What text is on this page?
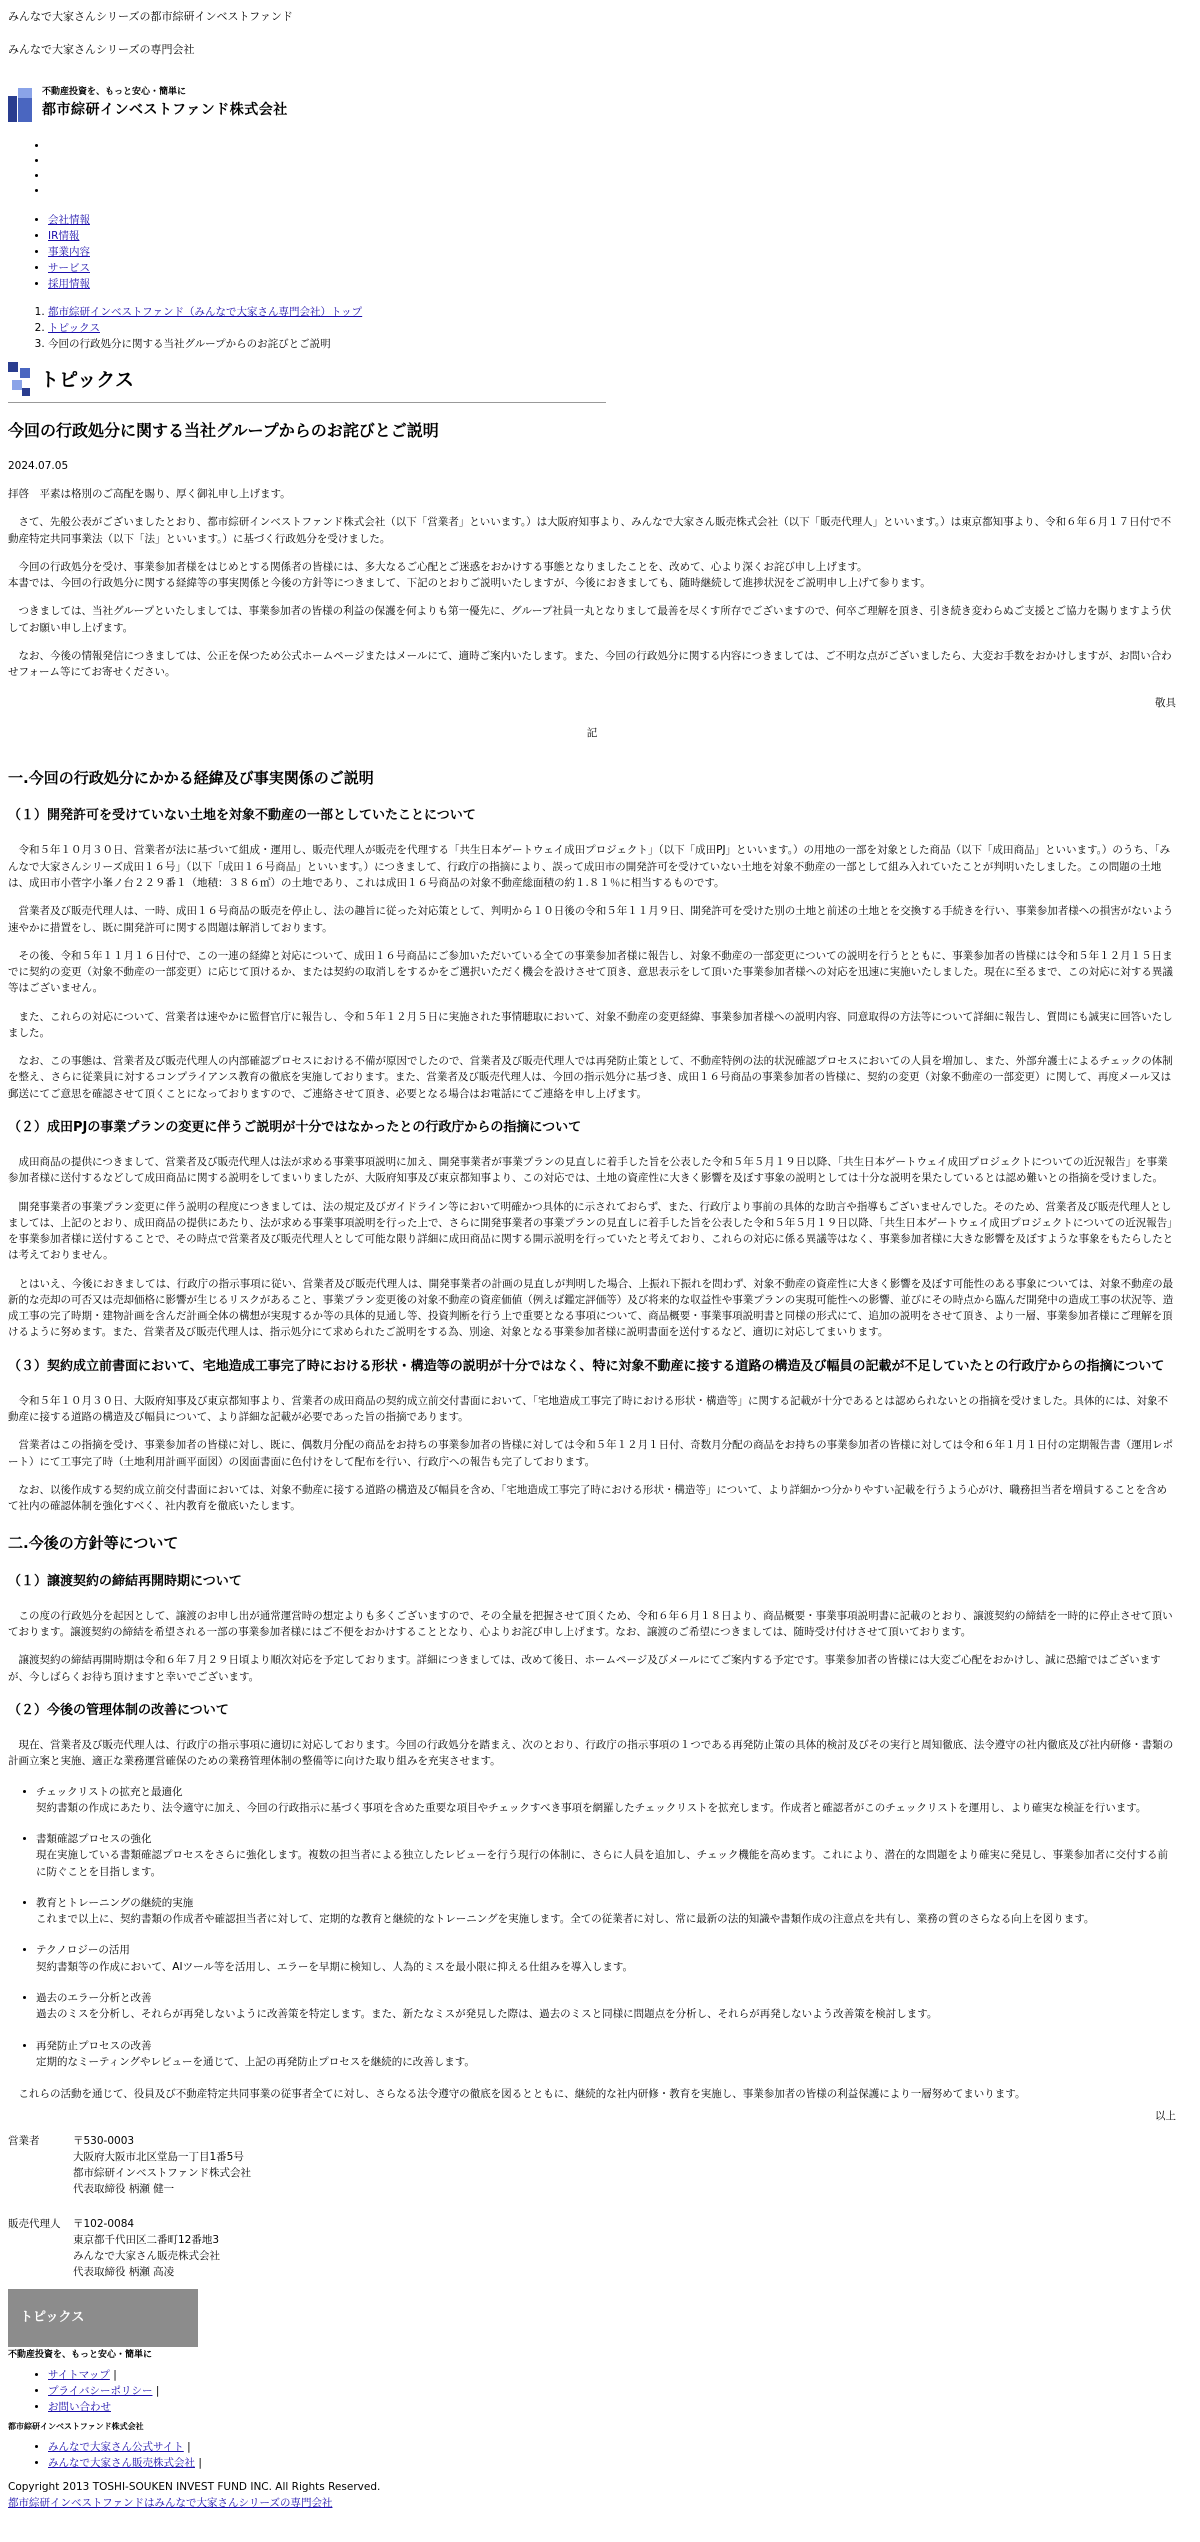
みんなで大家さんシリーズの都市綜研インベストファンド
みんなで大家さんシリーズの専門会社
不動産投資を、もっと安心・簡単に
都市綜研インベストファンド株式会社
•
•
•
•
• 会社情報
• IR情報
• 事業内容
• サービス
• 採用情報
1. 都市綜研インベストファンド（みんなで大家さん専門会社）トップ
2. トピックス
3. 今回の行政処分に関する当社グループからのお詫びとご説明
トピックス
今回の行政処分に関する当社グループからのお詫びとご説明
2024.07.05

拝啓　平素は格別のご高配を賜り、厚く御礼申し上げます。

さて、先般公表がございましたとおり、都市綜研インベストファンド株式会社（以下「営業者」といいます。）は大阪府知事より、みんなで大家さん販売株式会社（以下「販売代理人」といいます。）は東京都知事より、令和６年６月１７日付で不動産特定共同事業法（以下「法」といいます。）に基づく行政処分を受けました。

今回の行政処分を受け、事業参加者様をはじめとする関係者の皆様には、多大なるご心配とご迷惑をおかけする事態となりましたことを、改めて、心より深くお詫び申し上げます。
本書では、今回の行政処分に関する経緯等の事実関係と今後の方針等につきまして、下記のとおりご説明いたしますが、今後におきましても、随時継続して進捗状況をご説明申し上げて参ります。

つきましては、当社グループといたしましては、事業参加者の皆様の利益の保護を何よりも第一優先に、グループ社員一丸となりまして最善を尽くす所存でございますので、何卒ご理解を頂き、引き続き変わらぬご支援とご協力を賜りますよう伏してお願い申し上げます。

なお、今後の情報発信につきましては、公正を保つため公式ホームページまたはメールにて、適時ご案内いたします。また、今回の行政処分に関する内容につきましては、ご不明な点がございましたら、大変お手数をおかけしますが、お問い合わせフォーム等にてお寄せください。

敬具
記
一.今回の行政処分にかかる経緯及び事実関係のご説明
（１）開発許可を受けていない土地を対象不動産の一部としていたことについて

令和５年１０月３０日、営業者が法に基づいて組成・運用し、販売代理人が販売を代理する「共生日本ゲートウェイ成田プロジェクト」（以下「成田PJ」といいます。）の用地の一部を対象とした商品（以下「成田商品」といいます。）のうち、「みんなで大家さんシリーズ成田１６号」（以下「成田１６号商品」といいます。）につきまして、行政庁の指摘により、誤って成田市の開発許可を受けていない土地を対象不動産の一部として組み入れていたことが判明いたしました。この問題の土地は、成田市小菅字小峯ノ台２２９番１（地積：３８６㎡）の土地であり、これは成田１６号商品の対象不動産総面積の約１.８１％に相当するものです。

営業者及び販売代理人は、一時、成田１６号商品の販売を停止し、法の趣旨に従った対応策として、判明から１０日後の令和５年１１月９日、開発許可を受けた別の土地と前述の土地とを交換する手続きを行い、事業参加者様への損害がないよう速やかに措置をし、既に開発許可に関する問題は解消しております。

その後、令和５年１１月１６日付で、この一連の経緯と対応について、成田１６号商品にご参加いただいている全ての事業参加者様に報告し、対象不動産の一部変更についての説明を行うとともに、事業参加者の皆様には令和５年１２月１５日までに契約の変更（対象不動産の一部変更）に応じて頂けるか、または契約の取消しをするかをご選択いただく機会を設けさせて頂き、意思表示をして頂いた事業参加者様への対応を迅速に実施いたしました。現在に至るまで、この対応に対する異議等はございません。

また、これらの対応について、営業者は速やかに監督官庁に報告し、令和５年１２月５日に実施された事情聴取において、対象不動産の変更経緯、事業参加者様への説明内容、同意取得の方法等について詳細に報告し、質問にも誠実に回答いたしました。

なお、この事態は、営業者及び販売代理人の内部確認プロセスにおける不備が原因でしたので、営業者及び販売代理人では再発防止策として、不動産特例の法的状況確認プロセスにおいての人員を増加し、また、外部弁護士によるチェックの体制を整え、さらに従業員に対するコンプライアンス教育の徹底を実施しております。また、営業者及び販売代理人は、今回の指示処分に基づき、成田１６号商品の事業参加者の皆様に、契約の変更（対象不動産の一部変更）に関して、再度メール又は郵送にてご意思を確認させて頂くことになっておりますので、ご連絡させて頂き、必要となる場合はお電話にてご連絡を申し上げます。

（２）成田PJの事業プランの変更に伴うご説明が十分ではなかったとの行政庁からの指摘について

成田商品の提供につきまして、営業者及び販売代理人は法が求める事業事項説明に加え、開発事業者が事業プランの見直しに着手した旨を公表した令和５年５月１９日以降、「共生日本ゲートウェイ成田プロジェクトについての近況報告」を事業参加者様に送付するなどして成田商品に関する説明をしてまいりましたが、大阪府知事及び東京都知事より、この対応では、土地の資産性に大きく影響を及ぼす事象の説明としては十分な説明を果たしているとは認め難いとの指摘を受けました。

開発事業者の事業プラン変更に伴う説明の程度につきましては、法の規定及びガイドライン等において明確かつ具体的に示されておらず、また、行政庁より事前の具体的な助言や指導もございませんでした。そのため、営業者及び販売代理人としましては、上記のとおり、成田商品の提供にあたり、法が求める事業事項説明を行った上で、さらに開発事業者の事業プランの見直しに着手した旨を公表した令和５年５月１９日以降、「共生日本ゲートウェイ成田プロジェクトについての近況報告」を事業参加者様に送付することで、その時点で営業者及び販売代理人として可能な限り詳細に成田商品に関する開示説明を行っていたと考えており、これらの対応に係る異議等はなく、事業参加者様に大きな影響を及ぼすような事象をもたらしたとは考えておりません。

とはいえ、今後におきましては、行政庁の指示事項に従い、営業者及び販売代理人は、開発事業者の計画の見直しが判明した場合、上振れ下振れを問わず、対象不動産の資産性に大きく影響を及ぼす可能性のある事象については、対象不動産の最新的な売却の可否又は売却価格に影響が生じるリスクがあること、事業プラン変更後の対象不動産の資産価値（例えば鑑定評価等）及び将来的な収益性や事業プランの実現可能性への影響、並びにその時点から臨んだ開発中の造成工事の状況等、造成工事の完了時期・建物計画を含んだ計画全体の構想が実現するか等の具体的見通し等、投資判断を行う上で重要となる事項について、商品概要・事業事項説明書と同様の形式にて、追加の説明をさせて頂き、より一層、事業参加者様にご理解を頂けるように努めます。また、営業者及び販売代理人は、指示処分にて求められたご説明をする為、別途、対象となる事業参加者様に説明書面を送付するなど、適切に対応してまいります。

（３）契約成立前書面において、宅地造成工事完了時における形状・構造等の説明が十分ではなく、特に対象不動産に接する道路の構造及び幅員の記載が不足していたとの行政庁からの指摘について

令和５年１０月３０日、大阪府知事及び東京都知事より、営業者の成田商品の契約成立前交付書面において、「宅地造成工事完了時における形状・構造等」に関する記載が十分であるとは認められないとの指摘を受けました。具体的には、対象不動産に接する道路の構造及び幅員について、より詳細な記載が必要であった旨の指摘であります。

営業者はこの指摘を受け、事業参加者の皆様に対し、既に、偶数月分配の商品をお持ちの事業参加者の皆様に対しては令和５年１２月１日付、奇数月分配の商品をお持ちの事業参加者の皆様に対しては令和６年１月１日付の定期報告書（運用レポート）にて工事完了時（土地利用計画平面図）の図面書面に色付けをして配布を行い、行政庁への報告も完了しております。

なお、以後作成する契約成立前交付書面においては、対象不動産に接する道路の構造及び幅員を含め、「宅地造成工事完了時における形状・構造等」について、より詳細かつ分かりやすい記載を行うよう心がけ、職務担当者を増員することを含めて社内の確認体制を強化すべく、社内教育を徹底いたします。

二.今後の方針等について
（１）譲渡契約の締結再開時期について

この度の行政処分を起因として、譲渡のお申し出が通常運営時の想定よりも多くございますので、その全量を把握させて頂くため、令和６年６月１８日より、商品概要・事業事項説明書に記載のとおり、譲渡契約の締結を一時的に停止させて頂いております。譲渡契約の締結を希望される一部の事業参加者様にはご不便をおかけすることとなり、心よりお詫び申し上げます。なお、譲渡のご希望につきましては、随時受け付けさせて頂いております。

譲渡契約の締結再開時期は令和６年７月２９日頃より順次対応を予定しております。詳細につきましては、改めて後日、ホームページ及びメールにてご案内する予定です。事業参加者の皆様には大変ご心配をおかけし、誠に恐縮ではございますが、今しばらくお待ち頂けますと幸いでございます。

（２）今後の管理体制の改善について

現在、営業者及び販売代理人は、行政庁の指示事項に適切に対応しております。今回の行政処分を踏まえ、次のとおり、行政庁の指示事項の１つである再発防止策の具体的検討及びその実行と周知徹底、法令遵守の社内徹底及び社内研修・書類の計画立案と実施、適正な業務運営確保のための業務管理体制の整備等に向けた取り組みを充実させます。

• チェックリストの拡充と最適化
契約書類の作成にあたり、法令適守に加え、今回の行政指示に基づく事項を含めた重要な項目やチェックすべき事項を網羅したチェックリストを拡充します。作成者と確認者がこのチェックリストを運用し、より確実な検証を行います。
• 書類確認プロセスの強化
現在実施している書類確認プロセスをさらに強化します。複数の担当者による独立したレビューを行う現行の体制に、さらに人員を追加し、チェック機能を高めます。これにより、潜在的な問題をより確実に発見し、事業参加者に交付する前に防ぐことを目指します。
• 教育とトレーニングの継続的実施
これまで以上に、契約書類の作成者や確認担当者に対して、定期的な教育と継続的なトレーニングを実施します。全ての従業者に対し、常に最新の法的知識や書類作成の注意点を共有し、業務の質のさらなる向上を図ります。
• テクノロジーの活用
契約書類等の作成において、AIツール等を活用し、エラーを早期に検知し、人為的ミスを最小限に抑える仕組みを導入します。
• 過去のエラー分析と改善
過去のミスを分析し、それらが再発しないように改善策を特定します。また、新たなミスが発見した際は、過去のミスと同様に問題点を分析し、それらが再発しないよう改善策を検討します。
• 再発防止プロセスの改善
定期的なミーティングやレビューを通じて、上記の再発防止プロセスを継続的に改善します。

これらの活動を通じて、役員及び不動産特定共同事業の従事者全てに対し、さらなる法令遵守の徹底を図るとともに、継続的な社内研修・教育を実施し、事業参加者の皆様の利益保護により一層努めてまいります。

以上
営業者	〒530-0003
大阪府大阪市北区堂島一丁目1番5号
都市綜研インベストファンド株式会社
代表取締役 柄瀬 健一
販売代理人	〒102-0084
東京都千代田区二番町12番地3
みんなで大家さん販売株式会社
代表取締役 柄瀬 高凌
トピックス
不動産投資を、もっと安心・簡単に
• サイトマップ |
• プライバシーポリシー |
• お問い合わせ
都市綜研インベストファンド株式会社
• みんなで大家さん公式サイト |
• みんなで大家さん販売株式会社 |
Copyright 2013 TOSHI-SOUKEN INVEST FUND INC. All Rights Reserved.
都市綜研インベストファンドはみんなで大家さんシリーズの専門会社
